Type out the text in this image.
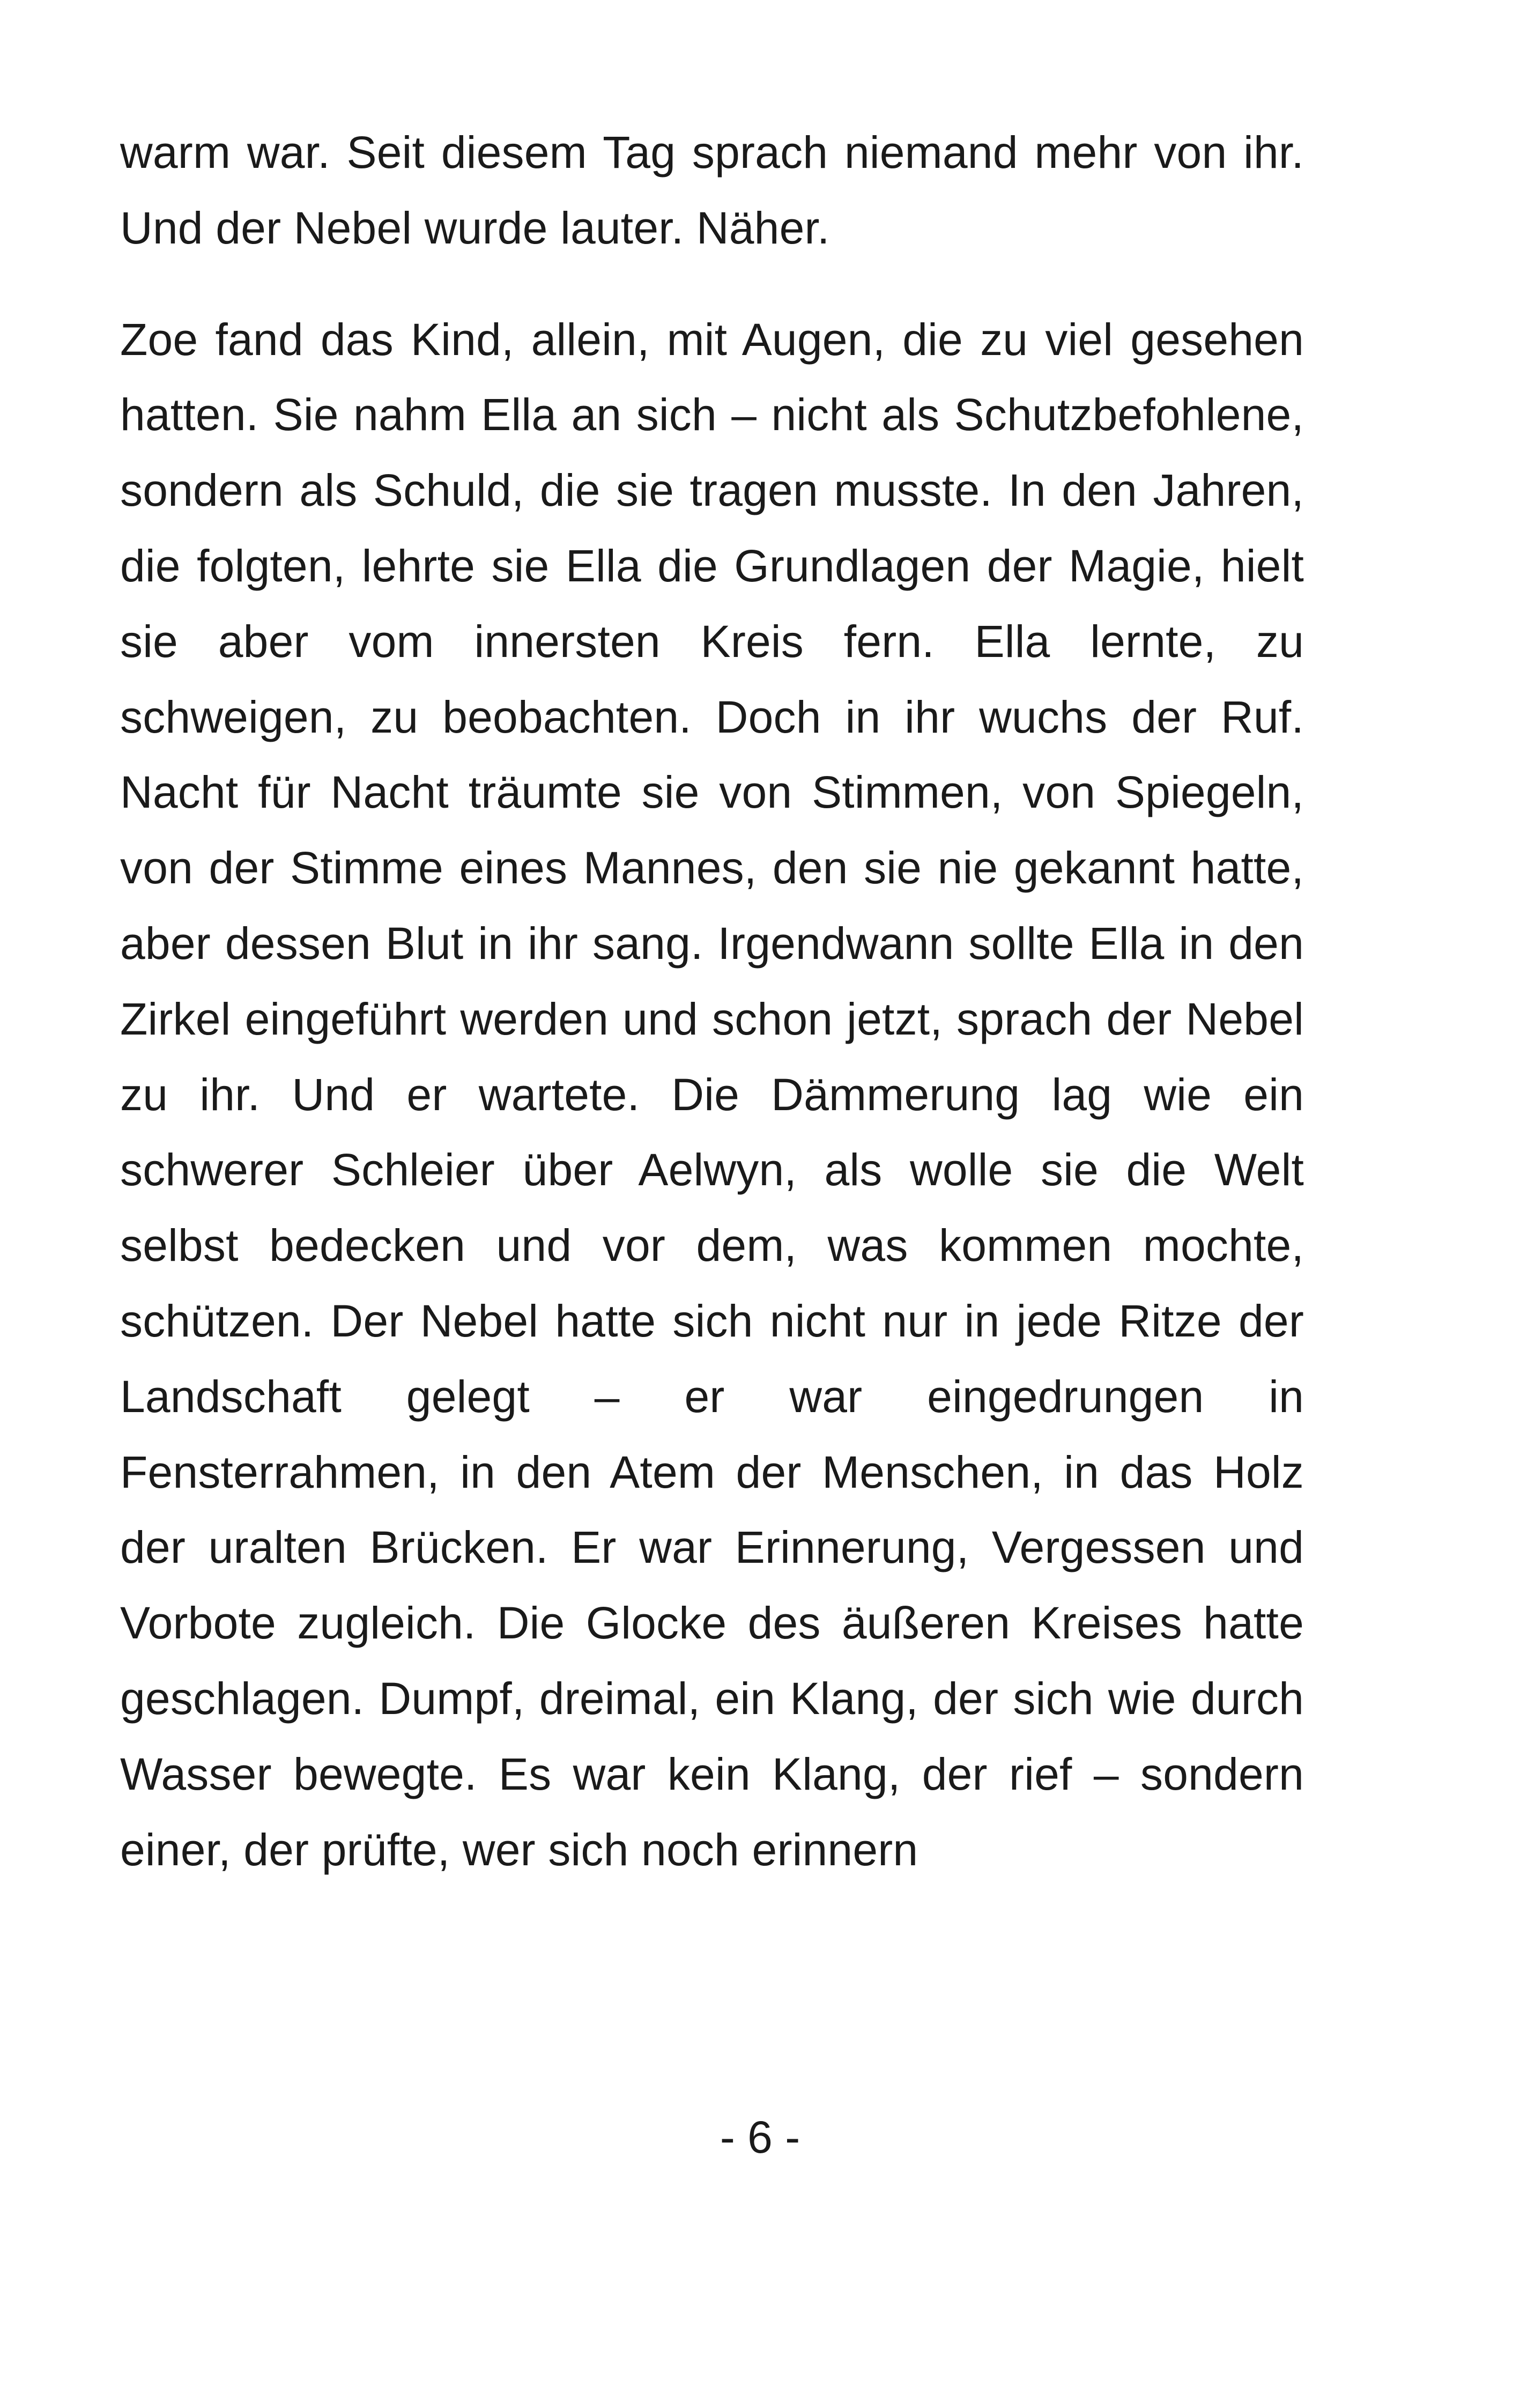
warm war. Seit diesem Tag sprach niemand mehr von ihr. Und der Nebel wurde lauter. Näher.

Zoe fand das Kind, allein, mit Augen, die zu viel gesehen hatten. Sie nahm Ella an sich – nicht als Schutzbefohlene, sondern als Schuld, die sie tragen musste. In den Jahren, die folgten, lehrte sie Ella die Grundlagen der Magie, hielt sie aber vom innersten Kreis fern. Ella lernte, zu schweigen, zu beobachten. Doch in ihr wuchs der Ruf. Nacht für Nacht träumte sie von Stimmen, von Spiegeln, von der Stimme eines Mannes, den sie nie gekannt hatte, aber dessen Blut in ihr sang. Irgendwann sollte Ella in den Zirkel eingeführt werden und schon jetzt, sprach der Nebel zu ihr. Und er wartete. Die Dämmerung lag wie ein schwerer Schleier über Aelwyn, als wolle sie die Welt selbst bedecken und vor dem, was kommen mochte, schützen. Der Nebel hatte sich nicht nur in jede Ritze der Landschaft gelegt – er war eingedrungen in Fensterrahmen, in den Atem der Menschen, in das Holz der uralten Brücken. Er war Erinnerung, Vergessen und Vorbote zugleich. Die Glocke des äußeren Kreises hatte geschlagen. Dumpf, dreimal, ein Klang, der sich wie durch Wasser bewegte. Es war kein Klang, der rief – sondern einer, der prüfte, wer sich noch erinnern

- 6 -
